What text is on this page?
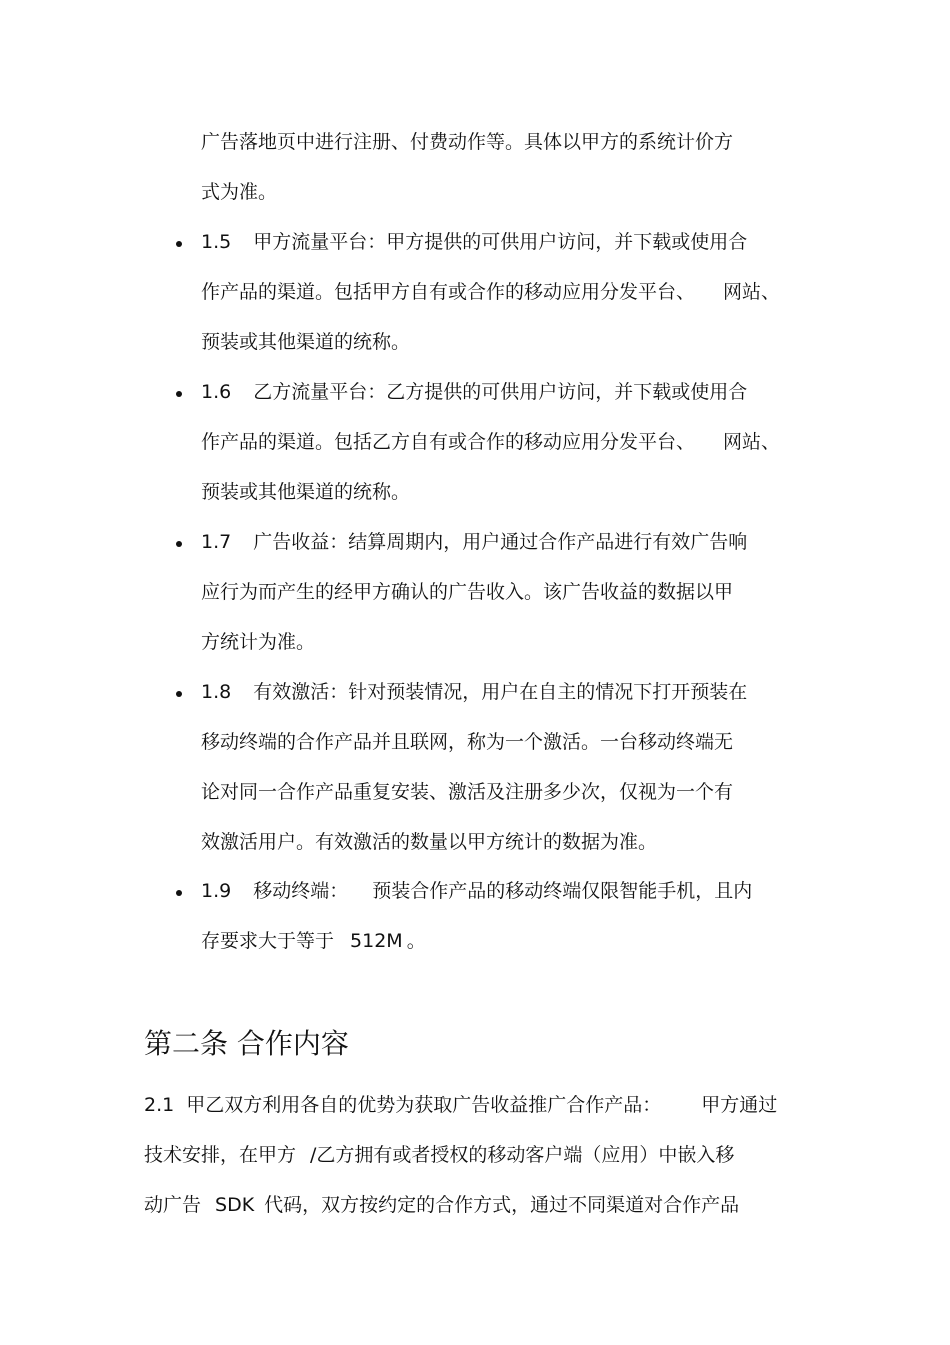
广告落地页中进行注册、付费动作等。具体以甲方的系统计价方
式为准。
1.5 甲方流量平台：甲方提供的可供用户访问，并下载或使用合
作产品的渠道。包括甲方自有或合作的移动应用分发平台、 网站、
预装或其他渠道的统称。
1.6 乙方流量平台：乙方提供的可供用户访问，并下载或使用合
作产品的渠道。包括乙方自有或合作的移动应用分发平台、 网站、
预装或其他渠道的统称。
1.7 广告收益：结算周期内，用户通过合作产品进行有效广告响
应行为而产生的经甲方确认的广告收入。该广告收益的数据以甲
方统计为准。
1.8 有效激活：针对预装情况，用户在自主的情况下打开预装在
移动终端的合作产品并且联网，称为一个激活。一台移动终端无
论对同一合作产品重复安装、激活及注册多少次，仅视为一个有
效激活用户。有效激活的数量以甲方统计的数据为准。
1.9 移动终端： 预装合作产品的移动终端仅限智能手机，且内
存要求大于等于 512M 。
第二条 合作内容
2.1 甲乙双方利用各自的优势为获取广告收益推广合作产品： 甲方通过
技术安排，在甲方 /乙方拥有或者授权的移动客户端（应用）中嵌入移
动广告 SDK 代码，双方按约定的合作方式，通过不同渠道对合作产品
